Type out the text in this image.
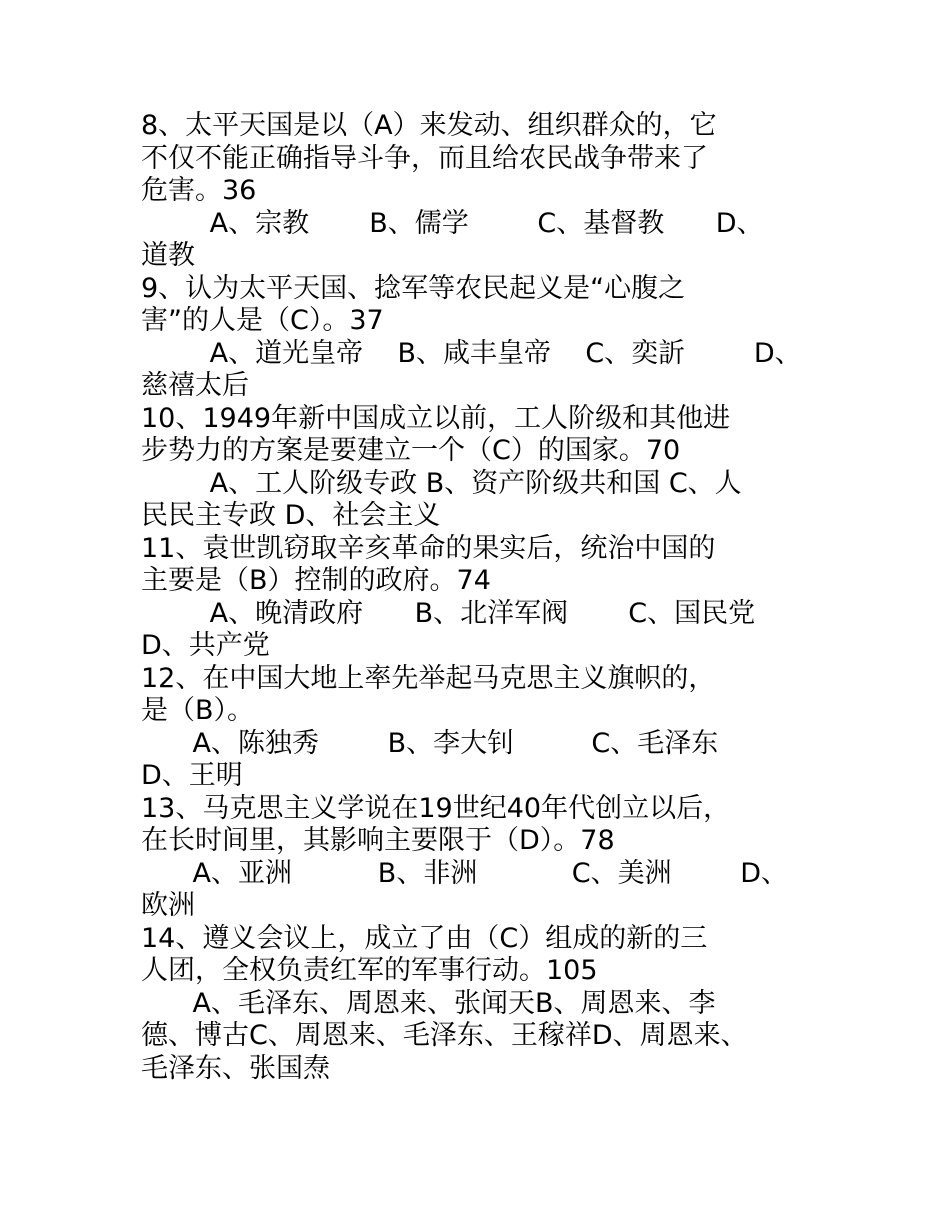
8、太平天国是以（A）来发动、组织群众的，它
不仅不能正确指导斗争，而且给农民战争带来了
危害。36
A、宗教       B、儒学        C、基督教      D、
道教
9、认为太平天国、捻军等农民起义是“心腹之
害”的人是（C）。37
A、道光皇帝    B、咸丰皇帝    C、奕訢        D、
慈禧太后
10、1949年新中国成立以前，工人阶级和其他进
步势力的方案是要建立一个（C）的国家。70
A、工人阶级专政 B、资产阶级共和国 C、人
民民主专政 D、社会主义
11、袁世凯窃取辛亥革命的果实后，统治中国的
主要是（B）控制的政府。74
A、晚清政府      B、北洋军阀       C、国民党
D、共产党
12、在中国大地上率先举起马克思主义旗帜的，
是（B）。
A、陈独秀        B、李大钊         C、毛泽东
D、王明
13、马克思主义学说在19世纪40年代创立以后，
在长时间里，其影响主要限于（D）。78
A、亚洲          B、非洲           C、美洲        D、
欧洲
14、遵义会议上，成立了由（C）组成的新的三
人团，全权负责红军的军事行动。105
A、毛泽东、周恩来、张闻天B、周恩来、李
德、博古C、周恩来、毛泽东、王稼祥D、周恩来、
毛泽东、张国焘
